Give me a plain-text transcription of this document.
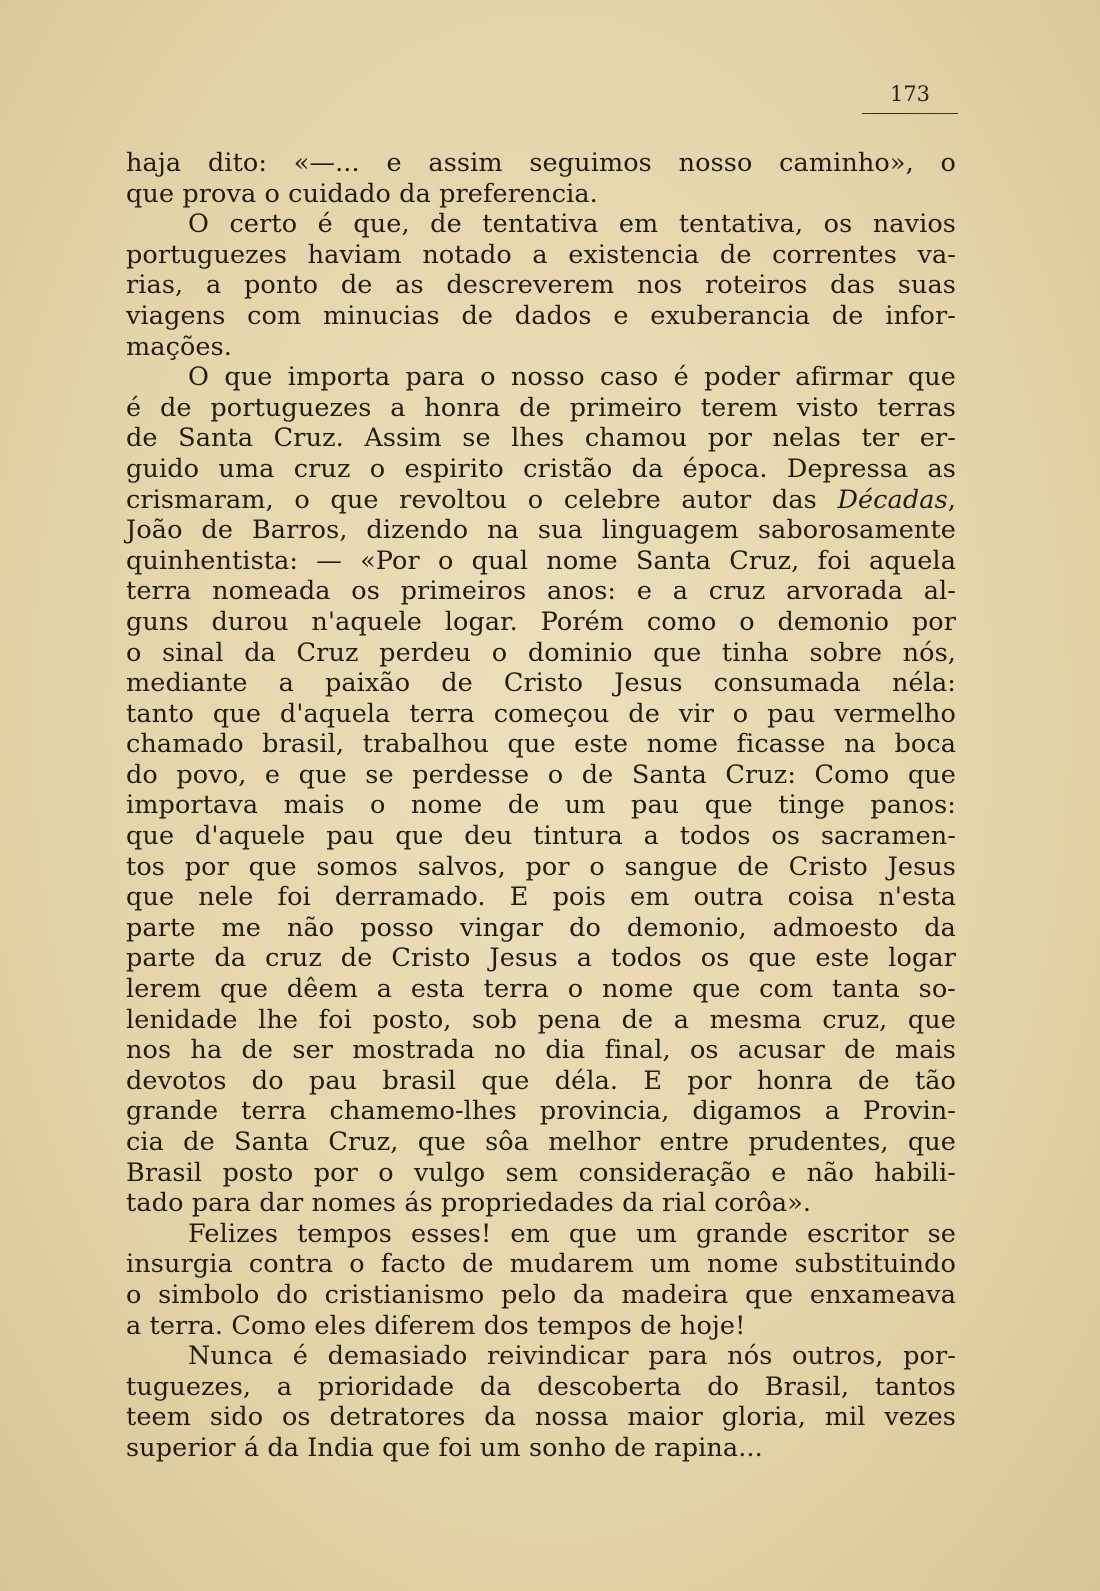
173
haja dito: «—... e assim seguimos nosso caminho», o
que prova o cuidado da preferencia.
O certo é que, de tentativa em tentativa, os navios
portuguezes haviam notado a existencia de correntes va-
rias, a ponto de as descreverem nos roteiros das suas
viagens com minucias de dados e exuberancia de infor-
mações.
O que importa para o nosso caso é poder afirmar que
é de portuguezes a honra de primeiro terem visto terras
de Santa Cruz. Assim se lhes chamou por nelas ter er-
guido uma cruz o espirito cristão da época. Depressa as
crismaram, o que revoltou o celebre autor das Décadas,
João de Barros, dizendo na sua linguagem saborosamente
quinhentista: — «Por o qual nome Santa Cruz, foi aquela
terra nomeada os primeiros anos: e a cruz arvorada al-
guns durou n'aquele logar. Porém como o demonio por
o sinal da Cruz perdeu o dominio que tinha sobre nós,
mediante a paixão de Cristo Jesus consumada néla:
tanto que d'aquela terra começou de vir o pau vermelho
chamado brasil, trabalhou que este nome ficasse na boca
do povo, e que se perdesse o de Santa Cruz: Como que
importava mais o nome de um pau que tinge panos:
que d'aquele pau que deu tintura a todos os sacramen-
tos por que somos salvos, por o sangue de Cristo Jesus
que nele foi derramado. E pois em outra coisa n'esta
parte me não posso vingar do demonio, admoesto da
parte da cruz de Cristo Jesus a todos os que este logar
lerem que dêem a esta terra o nome que com tanta so-
lenidade lhe foi posto, sob pena de a mesma cruz, que
nos ha de ser mostrada no dia final, os acusar de mais
devotos do pau brasil que déla. E por honra de tão
grande terra chamemo-lhes provincia, digamos a Provin-
cia de Santa Cruz, que sôa melhor entre prudentes, que
Brasil posto por o vulgo sem consideração e não habili-
tado para dar nomes ás propriedades da rial corôa».
Felizes tempos esses! em que um grande escritor se
insurgia contra o facto de mudarem um nome substituindo
o simbolo do cristianismo pelo da madeira que enxameava
a terra. Como eles diferem dos tempos de hoje!
Nunca é demasiado reivindicar para nós outros, por-
tuguezes, a prioridade da descoberta do Brasil, tantos
teem sido os detratores da nossa maior gloria, mil vezes
superior á da India que foi um sonho de rapina...
